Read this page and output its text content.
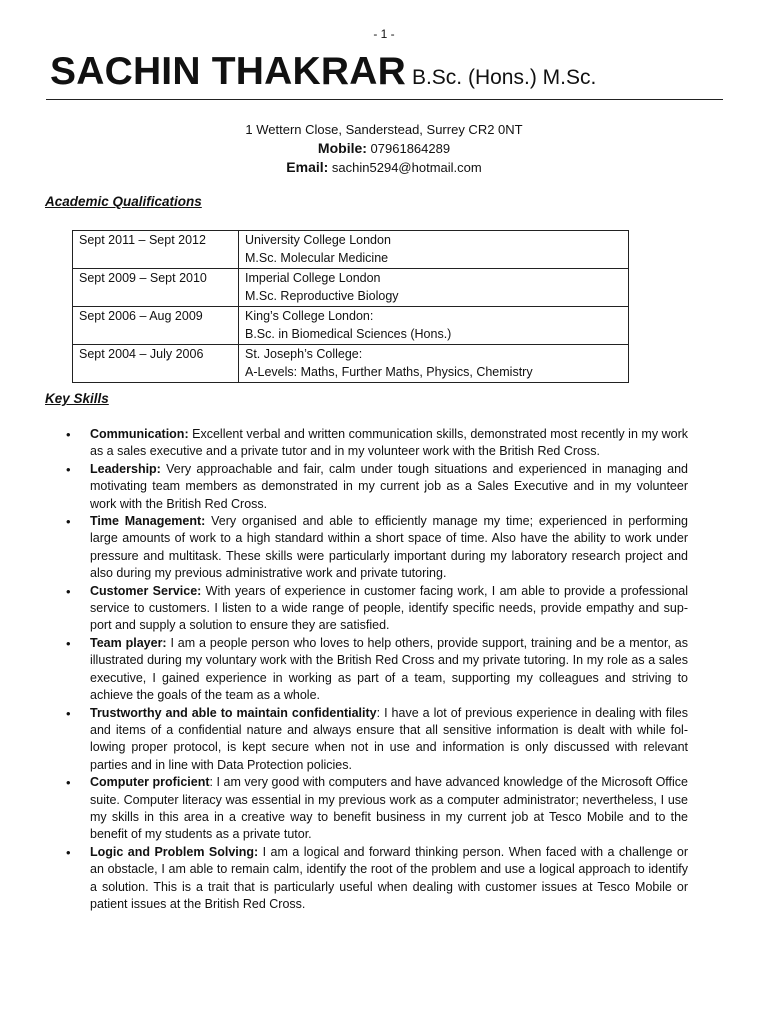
- 1 -
SACHIN THAKRAR B.Sc. (Hons.) M.Sc.
1 Wettern Close, Sanderstead, Surrey CR2 0NT
Mobile: 07961864289
Email: sachin5294@hotmail.com
Academic Qualifications
Sept 2011 – Sept 2012	University College London
M.Sc. Molecular Medicine

Sept 2009 – Sept 2010	Imperial College London
M.Sc. Reproductive Biology

Sept 2006 – Aug 2009	King’s College London:
B.Sc. in Biomedical Sciences (Hons.)

Sept 2004 – July 2006	St. Joseph’s College:
A-Levels: Maths, Further Maths, Physics, Chemistry
Key Skills
• Communication: Excellent verbal and written communication skills, demonstrated most recently in my work as a sales executive and a private tutor and in my volunteer work with the British Red Cross.
• Leadership: Very approachable and fair, calm under tough situations and experienced in managing and motivating team members as demonstrated in my current job as a Sales Executive and in my volunteer work with the British Red Cross.
• Time Management: Very organised and able to efficiently manage my time; experienced in performing large amounts of work to a high standard within a short space of time. Also have the ability to work under pressure and multitask. These skills were particularly important during my laboratory research project and also during my previous administrative work and private tutoring.
• Customer Service: With years of experience in customer facing work, I am able to provide a professional service to customers. I listen to a wide range of people, identify specific needs, provide empathy and support and supply a solution to ensure they are satisfied.
• Team player: I am a people person who loves to help others, provide support, training and be a mentor, as illustrated during my voluntary work with the British Red Cross and my private tutoring. In my role as a sales executive, I gained experience in working as part of a team, supporting my colleagues and striving to achieve the goals of the team as a whole.
• Trustworthy and able to maintain confidentiality: I have a lot of previous experience in dealing with files and items of a confidential nature and always ensure that all sensitive information is dealt with while following proper protocol, is kept secure when not in use and information is only discussed with relevant parties and in line with Data Protection policies.
• Computer proficient: I am very good with computers and have advanced knowledge of the Microsoft Office suite. Computer literacy was essential in my previous work as a computer administrator; nevertheless, I use my skills in this area in a creative way to benefit business in my current job at Tesco Mobile and to the benefit of my students as a private tutor.
• Logic and Problem Solving: I am a logical and forward thinking person. When faced with a challenge or an obstacle, I am able to remain calm, identify the root of the problem and use a logical approach to identify a solution. This is a trait that is particularly useful when dealing with customer issues at Tesco Mobile or patient issues at the British Red Cross.
